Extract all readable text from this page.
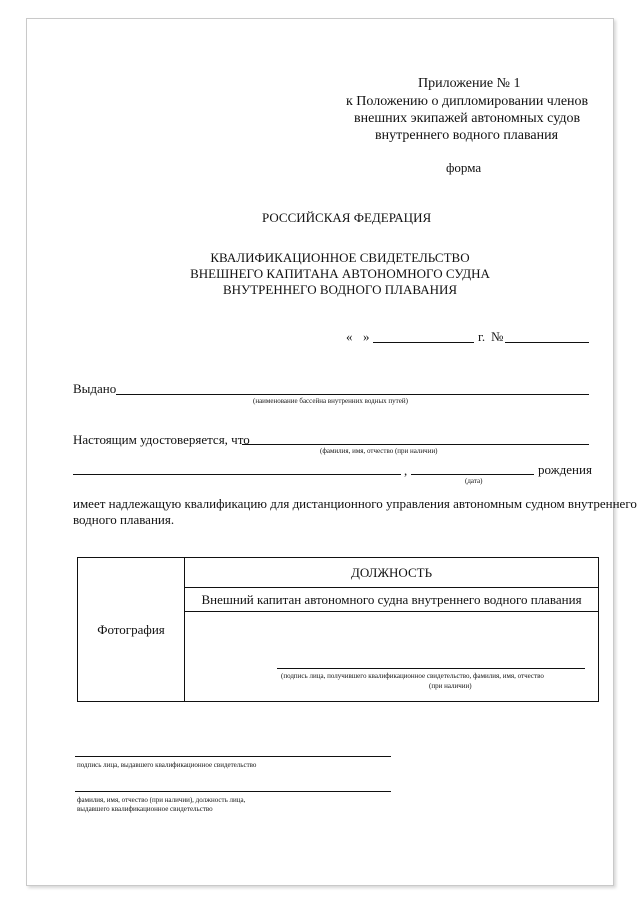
Приложение № 1
к Положению о дипломировании членов
внешних экипажей автономных судов
внутреннего водного плавания
форма
РОССИЙСКАЯ ФЕДЕРАЦИЯ
КВАЛИФИКАЦИОННОЕ СВИДЕТЕЛЬСТВО
ВНЕШНЕГО КАПИТАНА АВТОНОМНОГО СУДНА
ВНУТРЕННЕГО ВОДНОГО ПЛАВАНИЯ
« »	г. №
Выдано
(наименование бассейна внутренних водных путей)
Настоящим удостоверяется, что
(фамилия, имя, отчество (при наличии)
,	рождения
(дата)
имеет надлежащую квалификацию для дистанционного управления автономным судном внутреннего
водного плавания.
Фотография	ДОЛЖНОСТЬ
Внешний капитан автономного судна внутреннего водного плавания

(подпись лица, получившего квалификационное свидетельство, фамилия, имя, отчество
(при наличии)
подпись лица, выдавшего квалификационное свидетельство
фамилия, имя, отчество (при наличии), должность лица,
выдавшего квалификационное свидетельство
